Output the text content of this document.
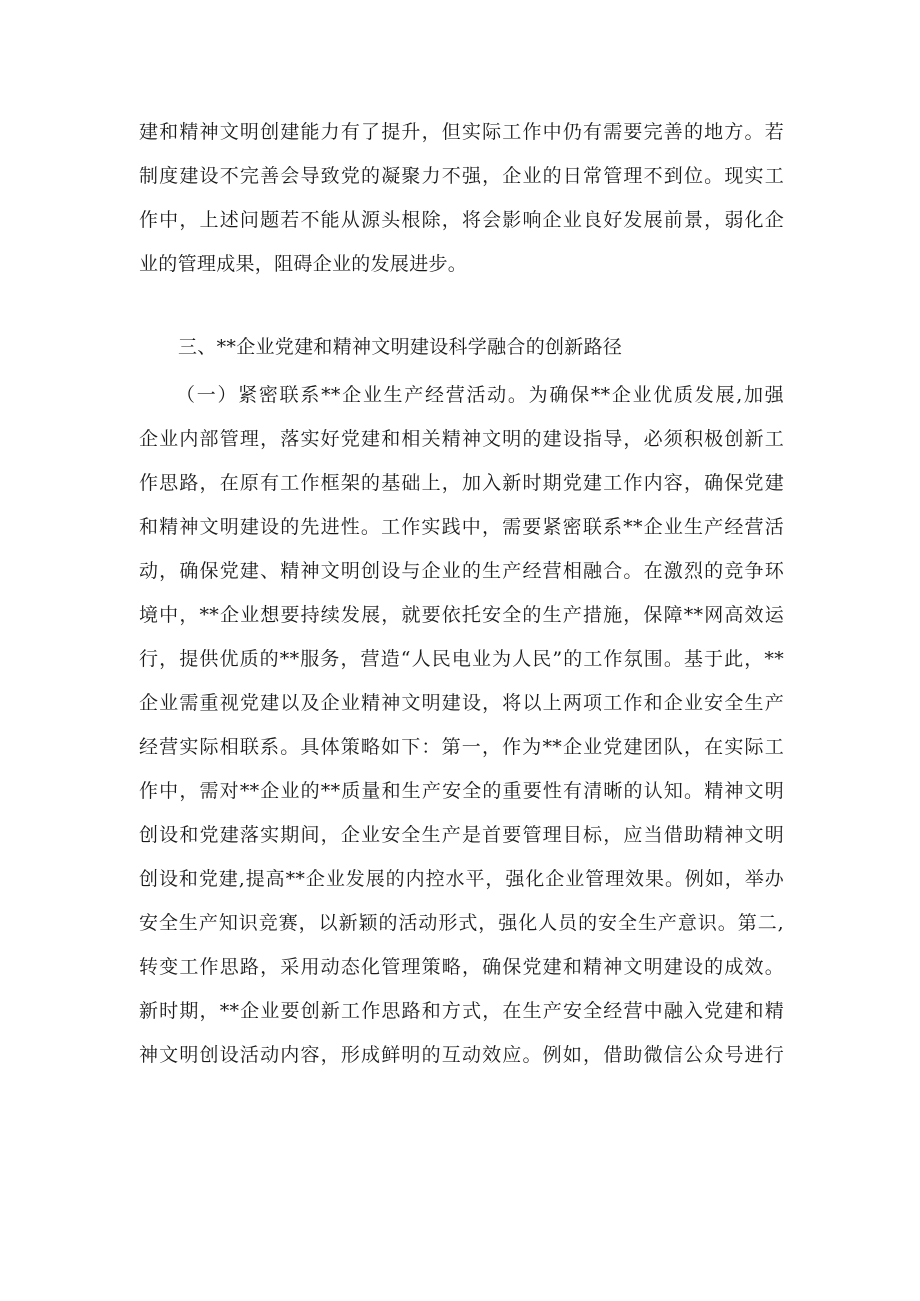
建和精神文明创建能力有了提升，但实际工作中仍有需要完善的地方。若
制度建设不完善会导致党的凝聚力不强，企业的日常管理不到位。现实工
作中，上述问题若不能从源头根除，将会影响企业良好发展前景，弱化企
业的管理成果，阻碍企业的发展进步。
三、**企业党建和精神文明建设科学融合的创新路径
（一）紧密联系**企业生产经营活动。为确保**企业优质发展,加强
企业内部管理，落实好党建和相关精神文明的建设指导，必须积极创新工
作思路，在原有工作框架的基础上，加入新时期党建工作内容，确保党建
和精神文明建设的先进性。工作实践中，需要紧密联系**企业生产经营活
动，确保党建、精神文明创设与企业的生产经营相融合。在激烈的竞争环
境中，**企业想要持续发展，就要依托安全的生产措施，保障**网高效运
行，提供优质的**服务，营造“人民电业为人民”的工作氛围。基于此，**
企业需重视党建以及企业精神文明建设，将以上两项工作和企业安全生产
经营实际相联系。具体策略如下：第一，作为**企业党建团队，在实际工
作中，需对**企业的**质量和生产安全的重要性有清晰的认知。精神文明
创设和党建落实期间，企业安全生产是首要管理目标，应当借助精神文明
创设和党建,提高**企业发展的内控水平，强化企业管理效果。例如，举办
安全生产知识竞赛，以新颖的活动形式，强化人员的安全生产意识。第二,
转变工作思路，采用动态化管理策略，确保党建和精神文明建设的成效。
新时期，**企业要创新工作思路和方式，在生产安全经营中融入党建和精
神文明创设活动内容，形成鲜明的互动效应。例如，借助微信公众号进行
